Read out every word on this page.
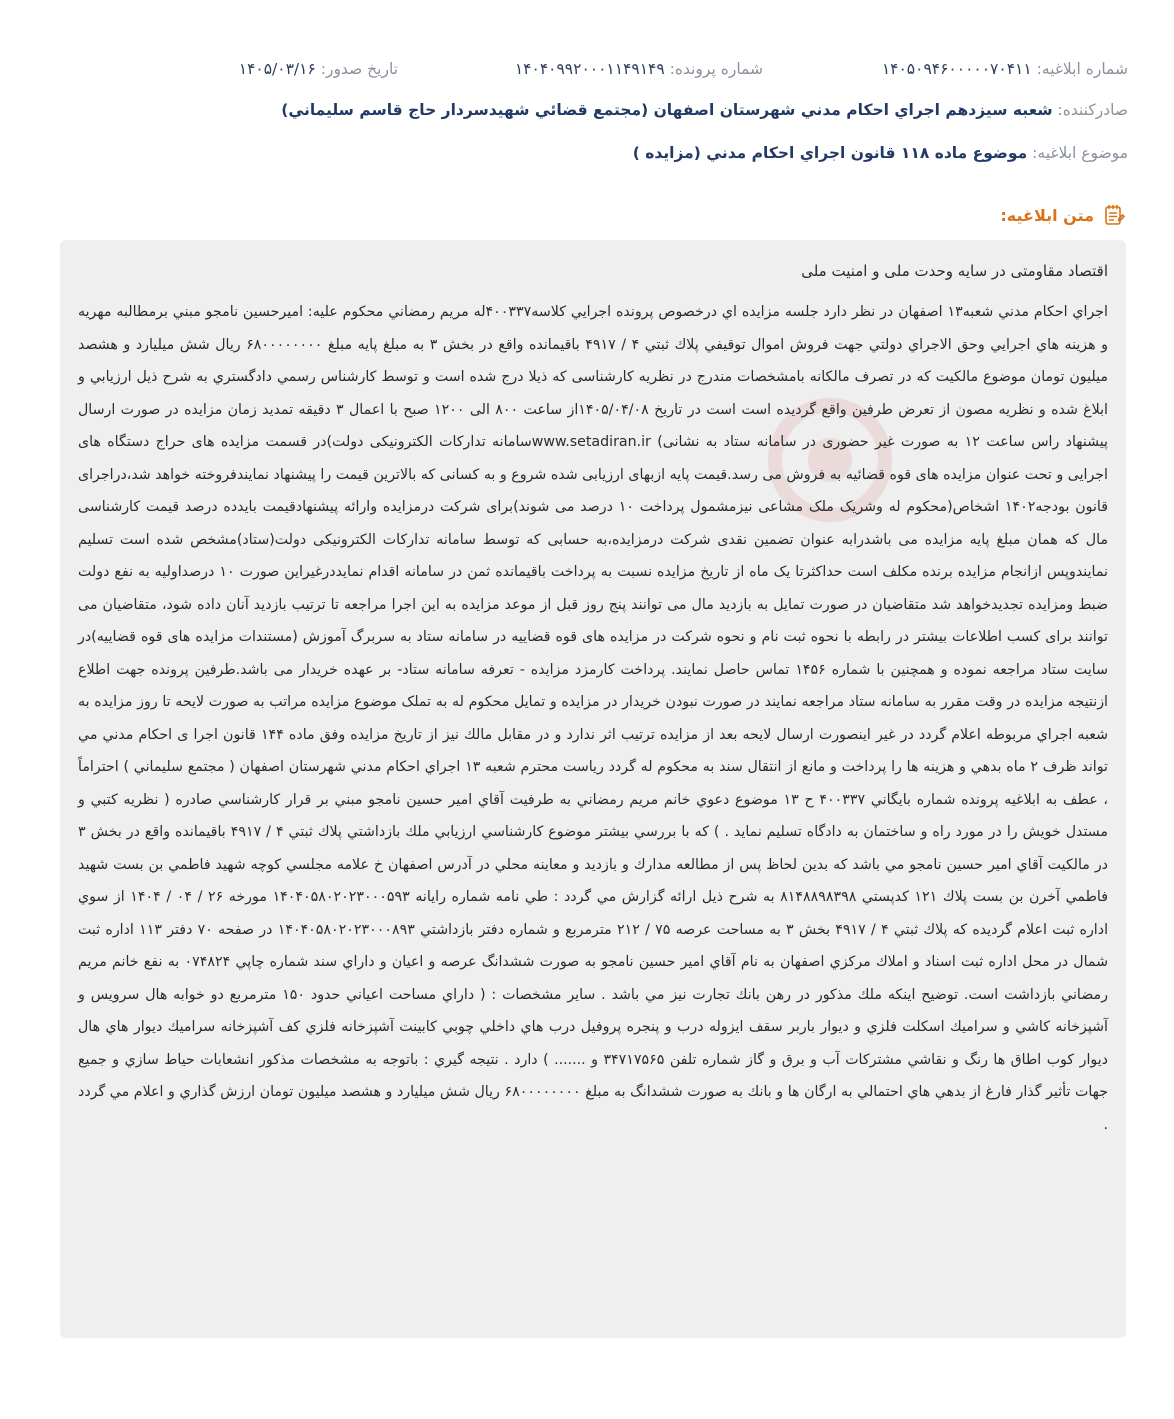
شماره ابلاغیه: ۱۴۰۵۰۹۴۶۰۰۰۰۰۷۰۴۱۱
شماره پرونده: ۱۴۰۴۰۹۹۲۰۰۰۱۱۴۹۱۴۹
تاریخ صدور: ۱۴۰۵/۰۳/۱۶
صادرکننده: شعبه سيزدهم اجراي احكام مدني شهرستان اصفهان (مجتمع قضائي شهيدسردار حاج قاسم سليماني)
موضوع ابلاغیه: موضوع ماده ۱۱۸ قانون اجراي احكام مدني (مزايده )
متن ابلاغیه:
اقتصاد مقاومتی در سایه وحدت ملی و امنیت ملی
اجراي احكام مدني شعبه۱۳ اصفهان در نظر دارد جلسه مزايده اي درخصوص پرونده اجرايي كلاسه۴۰۰۳۳۷له مريم رمضاني محكوم عليه: اميرحسين نامجو مبني برمطالبه مهريه و هزينه هاي اجرايي وحق الاجراي دولتي جهت فروش اموال توقيفي پلاك ثبتي ۴ / ۴۹۱۷ باقيمانده واقع در بخش ۳ به مبلغ پايه مبلغ ۶۸۰۰۰۰۰۰۰۰ ريال شش ميليارد و هشصد ميليون تومان موضوع مالكيت كه در تصرف مالكانه بامشخصات مندرج در نظريه كارشناسی كه ذيلا درج شده است و توسط كارشناس رسمي دادگستري به شرح ذيل ارزيابي و ابلاغ شده و نظريه مصون از تعرض طرفين واقع گرديده است است در تاريخ ۱۴۰۵/۰۴/۰۸از ساعت ۸۰۰ الی ۱۲۰۰ صبح با اعمال ۳ دقيقه تمديد زمان مزايده در صورت ارسال پيشنهاد راس ساعت ۱۲ به صورت غیر حضوری در سامانه ستاد به نشانی) www.setadiran.irسامانه تدارکات الکترونیکی دولت)در قسمت مزايده های حراج دستگاه های اجرايی و تحت عنوان مزايده های قوه قضائيه به فروش می رسد.قيمت پايه ازبهای ارزيابی شده شروع و به کسانی که بالاترين قيمت را پيشنهاد نمايندفروخته خواهد شد،دراجرای قانون بودجه۱۴۰۲ اشخاص(محکوم له وشريک ملک مشاعی نيزمشمول پرداخت ۱۰ درصد می شوند)برای شرکت درمزايده وارائه پيشنهادقيمت بايدده درصد قیمت کارشناسی مال که همان مبلغ پايه مزايده می باشدرابه عنوان تضمين نقدی شرکت درمزايده،به حسابی که توسط سامانه تدارکات الکترونیکی دولت(ستاد)مشخص شده است تسليم نمايندوپس ازانجام مزايده برنده مکلف است حداکثرتا يک ماه از تاريخ مزايده نسبت به پرداخت باقيمانده ثمن در سامانه اقدام نمايددرغيراين صورت ۱۰ درصداوليه به نفع دولت ضبط ومزايده تجديدخواهد شد متقاضيان در صورت تمايل به بازديد مال می توانند پنج روز قبل از موعد مزايده به اين اجرا مراجعه تا ترتيب بازديد آنان داده شود، متقاضيان می توانند برای کسب اطلاعات بيشتر در رابطه با نحوه ثبت نام و نحوه شرکت در مزايده های قوه قضاييه در سامانه ستاد به سربرگ آموزش (مستندات مزايده های قوه قضاييه)در سايت ستاد مراجعه نموده و همچنين با شماره ۱۴۵۶ تماس حاصل نمايند. پرداخت کارمزد مزايده - تعرفه سامانه ستاد- بر عهده خريدار می باشد.طرفين پرونده جهت اطلاع ازنتيجه مزايده در وقت مقرر به سامانه ستاد مراجعه نمايند در صورت نبودن خريدار در مزايده و تمايل محكوم له به تملک موضوع مزايده مراتب به صورت لايحه تا روز مزايده به شعبه اجراي مربوطه اعلام گردد در غير اينصورت ارسال لايحه بعد از مزايده ترتيب اثر ندارد و در مقابل مالك نيز از تاريخ مزايده وفق ماده ۱۴۴ قانون اجرا ی احكام مدني مي تواند ظرف ۲ ماه بدهي و هزينه ها را پرداخت و مانع از انتقال سند به محكوم له گردد رياست محترم شعبه ۱۳ اجراي احكام مدني شهرستان اصفهان ( مجتمع سليماني ) احتراماً ، عطف به ابلاغيه پرونده شماره بايگاني ۴۰۰۳۳۷ ح ۱۳ موضوع دعوي خانم مريم رمضاني به طرفيت آقاي امير حسين نامجو مبني بر قرار كارشناسي صادره ( نظريه كتبي و مستدل خويش را در مورد راه و ساختمان به دادگاه تسليم نمايد . ) كه با بررسي بيشتر موضوع كارشناسي ارزيابي ملك بازداشتي پلاك ثبتي ۴ / ۴۹۱۷ باقيمانده واقع در بخش ۳ در مالكيت آقاي امير حسين نامجو مي باشد كه بدين لحاظ پس از مطالعه مدارك و بازديد و معاينه محلي در آدرس اصفهان خ علامه مجلسي كوچه شهيد فاطمي بن بست شهيد فاطمي آخرن بن بست پلاك ۱۲۱ كدپستي ۸۱۴۸۸۹۸۳۹۸ به شرح ذيل ارائه گزارش مي گردد : طي نامه شماره رايانه ۱۴۰۴۰۵۸۰۲۰۲۳۰۰۰۵۹۳ مورخه ۲۶ / ۰۴ / ۱۴۰۴ از سوي اداره ثبت اعلام گرديده كه پلاك ثبتي ۴ / ۴۹۱۷ بخش ۳ به مساحت عرصه ۷۵ / ۲۱۲ مترمربع و شماره دفتر بازداشتي ۱۴۰۴۰۵۸۰۲۰۲۳۰۰۰۸۹۳ در صفحه ۷۰ دفتر ۱۱۳ اداره ثبت شمال در محل اداره ثبت اسناد و املاك مركزي اصفهان به نام آقاي امير حسين نامجو به صورت ششدانگ عرصه و اعيان و داراي سند شماره چاپي ۰۷۴۸۲۴ به نفع خانم مريم رمضاني بازداشت است. توضيح اينكه ملك مذكور در رهن بانك تجارت نيز مي باشد . ساير مشخصات : ( داراي مساحت اعياني حدود ۱۵۰ مترمربع دو خوابه هال سرويس و آشپزخانه كاشي و سراميك اسكلت فلزي و ديوار باربر سقف ايزوله درب و پنجره پروفيل درب هاي داخلي چوبي كابينت آشپزخانه فلزي كف آشپزخانه سراميك ديوار هاي هال ديوار كوب اطاق ها رنگ و نقاشي مشتركات آب و برق و گاز شماره تلفن ۳۴۷۱۷۵۶۵ و ....... ) دارد . نتيجه گيري : باتوجه به مشخصات مذكور انشعابات حياط سازي و جميع جهات تأثير گذار فارغ از بدهي هاي احتمالي به ارگان ها و بانك به صورت ششدانگ به مبلغ ۶۸۰۰۰۰۰۰۰۰ ريال شش ميليارد و هشصد ميليون تومان ارزش گذاري و اعلام مي گردد .
